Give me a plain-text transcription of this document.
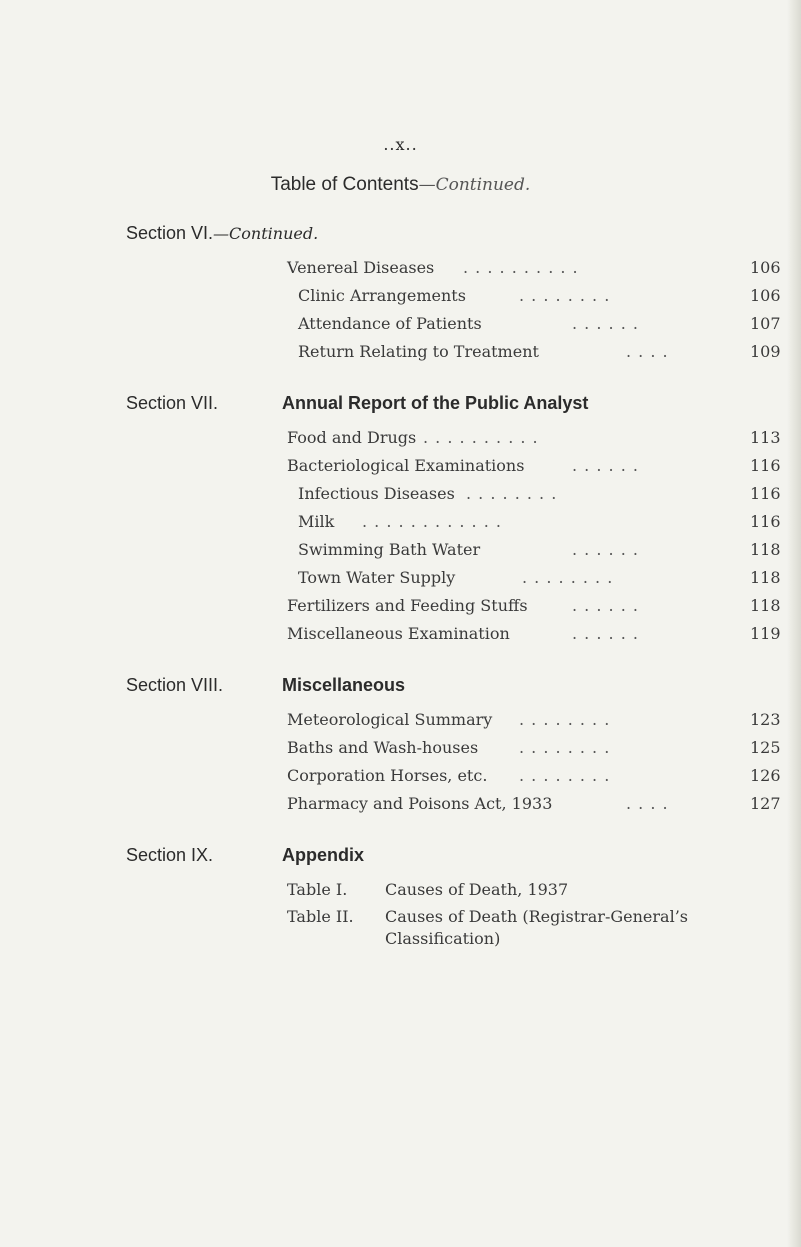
..x..
Table of Contents—Continued.
Section VI.—Continued.
Venereal Diseases . . . . . . . . . .	106
Clinic Arrangements	. . . . . . . .	106
Attendance of Patients	. . . . . .	107
Return Relating to Treatment	. . . .	109
Section VII.	Annual Report of the Public Analyst
Food and Drugs . . . . . . . . . .	113
Bacteriological Examinations	. . . . . .	116
Infectious Diseases . . . . . . . .	116
Milk . . . . . . . . . . . .	116
Swimming Bath Water	. . . . . .	118
Town Water Supply	. . . . . . . .	118
Fertilizers and Feeding Stuffs	. . . . . .	118
Miscellaneous Examination	. . . . . .	119
Section VIII.	Miscellaneous
Meteorological Summary . . . . . . . .	123
Baths and Wash-houses	. . . . . . . .	125
Corporation Horses, etc. . . . . . . . .	126
Pharmacy and Poisons Act, 1933	. . . .	127
Section IX.	Appendix
Table I. Causes of Death, 1937
Table II. Causes of Death (Registrar-General’s
Classification)
